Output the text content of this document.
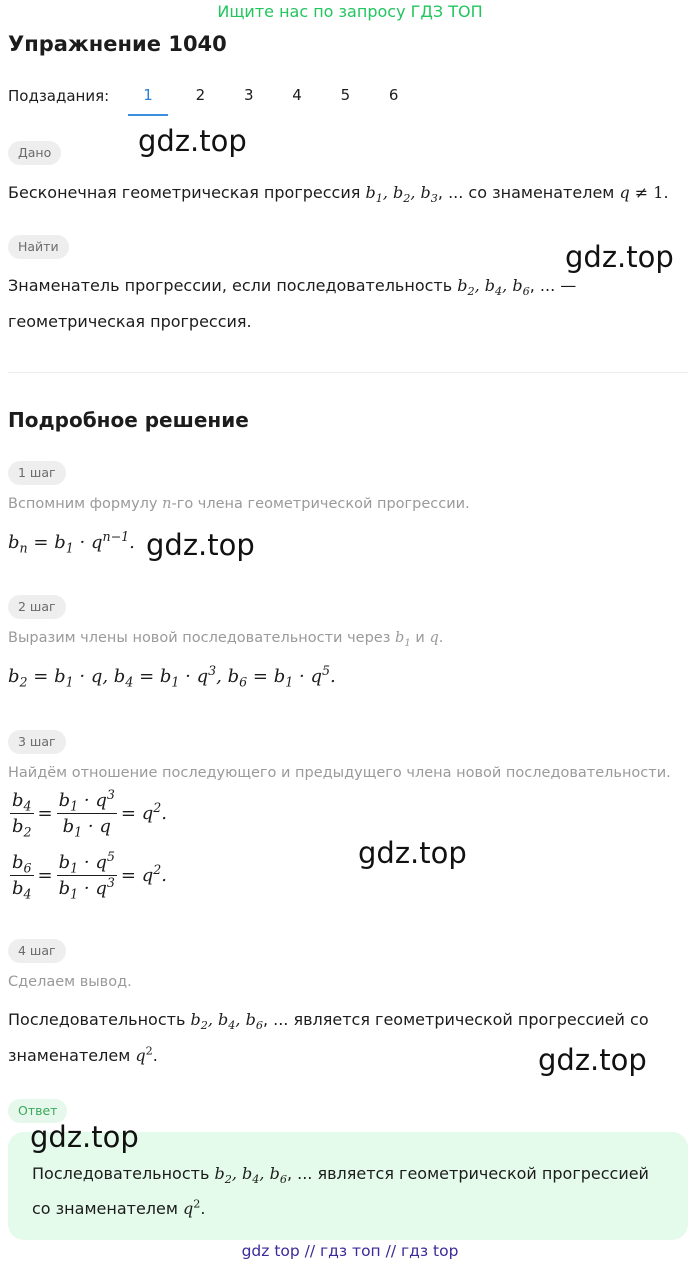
Ищите нас по запросу ГДЗ ТОП
Упражнение 1040
Подзадания:	1	2	3	4	5	6
Дано	gdz.top
Бесконечная геометрическая прогрессия $b_1$, $b_2$, $b_3$, ... со знаменателем q ≠ 1.
Найти	gdz.top
Знаменатель прогрессии, если последовательность $b_2$, $b_4$, $b_6$, ... —
геометрическая прогрессия.
Подробное решение
1 шаг
Вспомним формулу n-го члена геометрической прогрессии.
$b_n = b_1 \cdot q^{n-1}$. gdz.top
2 шаг
Выразим члены новой последовательности через $b_1$ и q.
$b_2 = b_1 \cdot q$, $b_4 = b_1 \cdot q^3$, $b_6 = b_1 \cdot q^5$.
3 шаг
Найдём отношение последующего и предыдущего члена новой последовательности.
$\frac{b_4}{b_2} = \frac{b_1 \cdot q^3}{b_1 \cdot q} = q^2$.
$\frac{b_6}{b_4} = \frac{b_1 \cdot q^5}{b_1 \cdot q^3} = q^2$.
gdz.top
4 шаг
Сделаем вывод.
Последовательность $b_2$, $b_4$, $b_6$, ... является геометрической прогрессией со
знаменателем $q^2$.	gdz.top
Ответ
gdz.top
Последовательность $b_2$, $b_4$, $b_6$, ... является геометрической прогрессией
со знаменателем $q^2$.
gdz top // гдз топ // гдз top
